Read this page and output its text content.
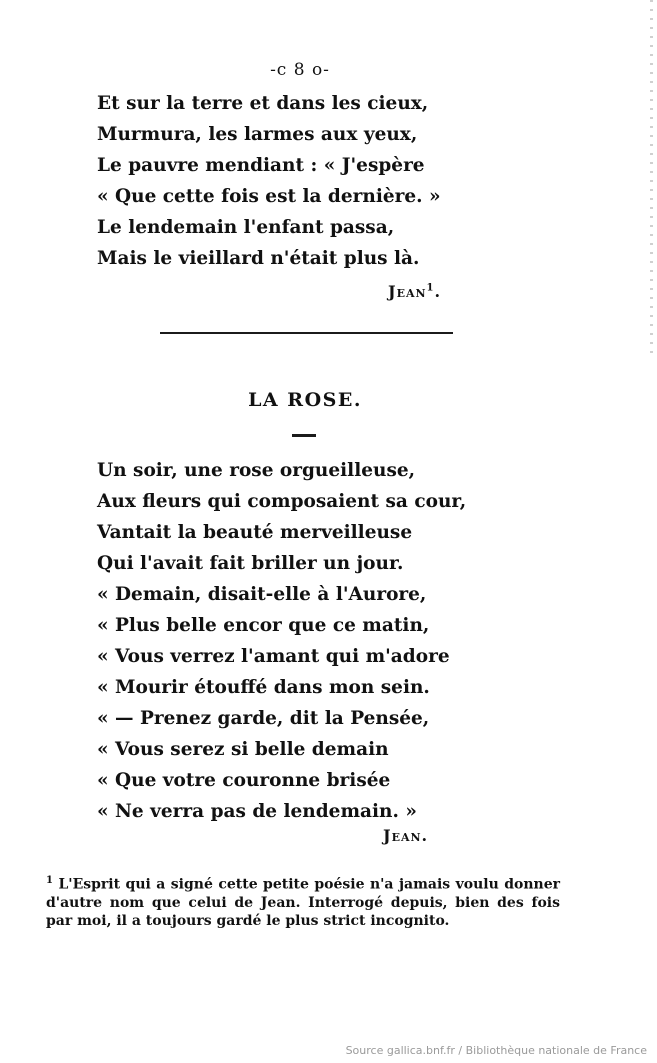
-c 8 o-
Et sur la terre et dans les cieux,
Murmura, les larmes aux yeux,
Le pauvre mendiant : « J'espère
« Que cette fois est la dernière. »
Le lendemain l'enfant passa,
Mais le vieillard n'était plus là.
Jean$^1$.
LA ROSE.
Un soir, une rose orgueilleuse,
Aux fleurs qui composaient sa cour,
Vantait la beauté merveilleuse
Qui l'avait fait briller un jour.
« Demain, disait-elle à l'Aurore,
« Plus belle encor que ce matin,
« Vous verrez l'amant qui m'adore
« Mourir étouffé dans mon sein.
« — Prenez garde, dit la Pensée,
« Vous serez si belle demain
« Que votre couronne brisée
« Ne verra pas de lendemain. »
Jean.

$^1$ L'Esprit qui a signé cette petite poésie n'a jamais voulu donner d'autre nom que celui de Jean. Interrogé depuis, bien des fois par moi, il a toujours gardé le plus strict incognito.

Source gallica.bnf.fr / Bibliothèque nationale de France
